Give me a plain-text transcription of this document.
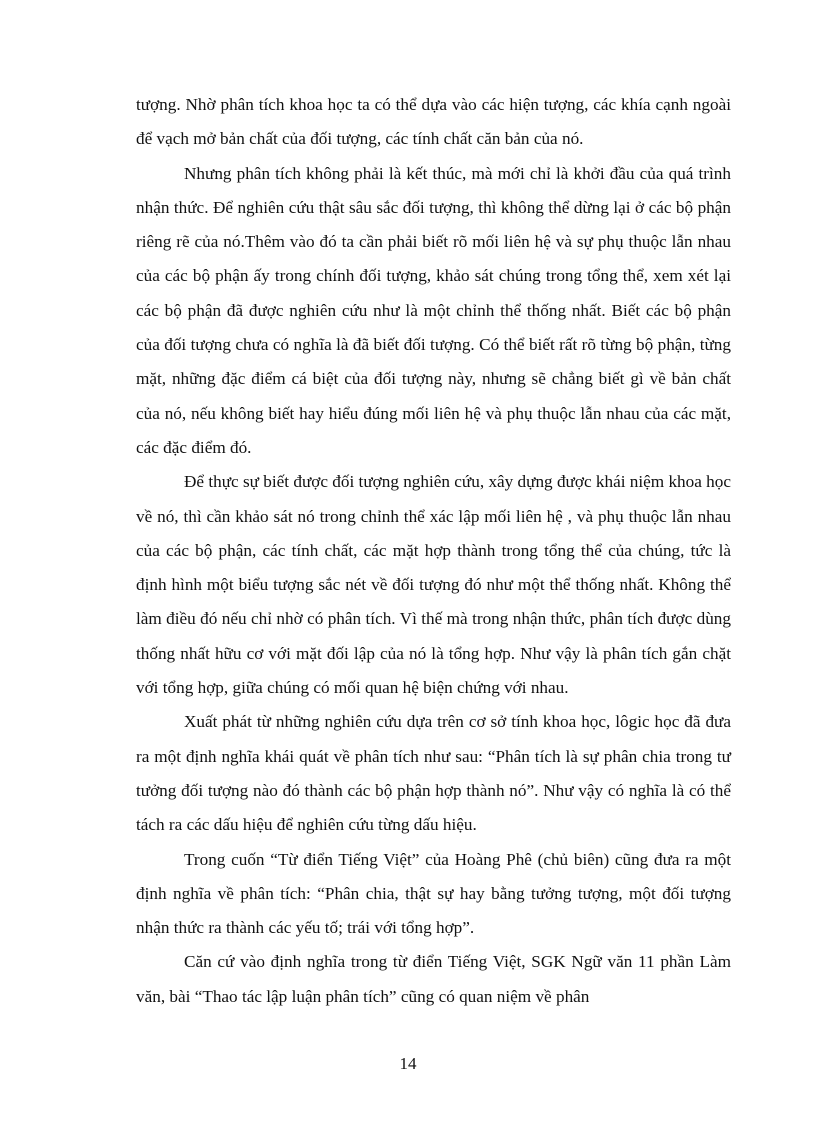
tượng. Nhờ phân tích khoa học ta có thể dựa vào các hiện tượng, các khía cạnh ngoài để vạch mở bản chất của đối tượng, các tính chất căn bản của nó.

Nhưng phân tích không phải là kết thúc, mà mới chỉ là khởi đầu của quá trình nhận thức. Để nghiên cứu thật sâu sắc đối tượng, thì không thể dừng lại ở các bộ phận riêng rẽ của nó.Thêm vào đó ta cần phải biết rõ mối liên hệ và sự phụ thuộc lẫn nhau của các bộ phận ấy trong chính đối tượng, khảo sát chúng trong tổng thể, xem xét lại các bộ phận đã được nghiên cứu như là một chỉnh thể thống nhất. Biết các bộ phận của đối tượng chưa có nghĩa là đã biết đối tượng. Có thể biết rất rõ từng bộ phận, từng mặt, những đặc điểm cá biệt của đối tượng này, nhưng sẽ chẳng biết gì về bản chất của nó, nếu không biết hay hiểu đúng mối liên hệ và phụ thuộc lẫn nhau của các mặt, các đặc điểm đó.

Để thực sự biết được đối tượng nghiên cứu, xây dựng được khái niệm khoa học về nó, thì cần khảo sát nó trong chỉnh thể xác lập mối liên hệ , và phụ thuộc lẫn nhau của các bộ phận, các tính chất, các mặt hợp thành trong tổng thể của chúng, tức là định hình một biểu tượng sắc nét về đối tượng đó như một thể thống nhất. Không thể làm điều đó nếu chỉ nhờ có phân tích. Vì thế mà trong nhận thức, phân tích được dùng thống nhất hữu cơ với mặt đối lập của nó là tổng hợp. Như vậy là phân tích gắn chặt với tổng hợp, giữa chúng có mối quan hệ biện chứng với nhau.

Xuất phát từ những nghiên cứu dựa trên cơ sở tính khoa học, lôgic học đã đưa ra một định nghĩa khái quát về phân tích như sau: “Phân tích là sự phân chia trong tư tưởng đối tượng nào đó thành các bộ phận hợp thành nó”. Như vậy có nghĩa là có thể tách ra các dấu hiệu để nghiên cứu từng dấu hiệu.

Trong cuốn “Từ điển Tiếng Việt” của Hoàng Phê (chủ biên) cũng đưa ra một định nghĩa về phân tích: “Phân chia, thật sự hay bằng tưởng tượng, một đối tượng nhận thức ra thành các yếu tố; trái với tổng hợp”.

Căn cứ vào định nghĩa trong từ điển Tiếng Việt, SGK Ngữ văn 11 phần Làm văn, bài “Thao tác lập luận phân tích” cũng có quan niệm về phân

14
